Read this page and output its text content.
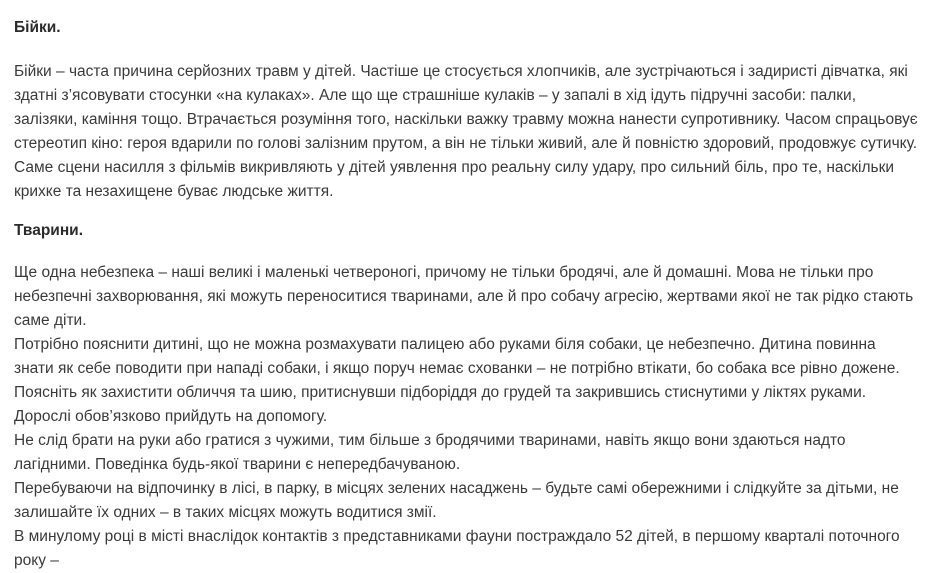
Бійки.

Бійки – часта причина серйозних травм у дітей. Частіше це стосується хлопчиків, але зустрічаються і задиристі дівчатка, які здатні з’ясовувати стосунки «на кулаках». Але що ще страшніше кулаків – у запалі в хід ідуть підручні засоби: палки, залізяки, каміння тощо. Втрачається розуміння того, наскільки важку травму можна нанести супротивнику. Часом спрацьовує стереотип кіно: героя вдарили по голові залізним прутом, а він не тільки живий, але й повністю здоровий, продовжує сутичку. Саме сцени насилля з фільмів викривляють у дітей уявлення про реальну силу удару, про сильний біль, про те, наскільки крихке та незахищене буває людське життя.

Тварини.

Ще одна небезпека – наші великі і маленькі четвероногі, причому не тільки бродячі, але й домашні. Мова не тільки про небезпечні захворювання, які можуть переноситися тваринами, але й про собачу агресію, жертвами якої не так рідко стають саме діти.

Потрібно пояснити дитині, що не можна розмахувати палицею або руками біля собаки, це небезпечно. Дитина повинна знати як себе поводити при нападі собаки, і якщо поруч немає схованки – не потрібно втікати, бо собака все рівно дожене. Поясніть як захистити обличчя та шию, притиснувши підборіддя до грудей та закрившись стиснутими у ліктях руками. Дорослі обов’язково прийдуть на допомогу.

Не слід брати на руки або гратися з чужими, тим більше з бродячими тваринами, навіть якщо вони здаються надто лагідними. Поведінка будь-якої тварини є непередбачуваною.

Перебуваючи на відпочинку в лісі, в парку, в місцях зелених насаджень – будьте самі обережними і слідкуйте за дітьми, не залишайте їх одних – в таких місцях можуть водитися змії.

В минулому році в місті внаслідок контактів з представниками фауни постраждало 52 дітей, в першому кварталі поточного року –
